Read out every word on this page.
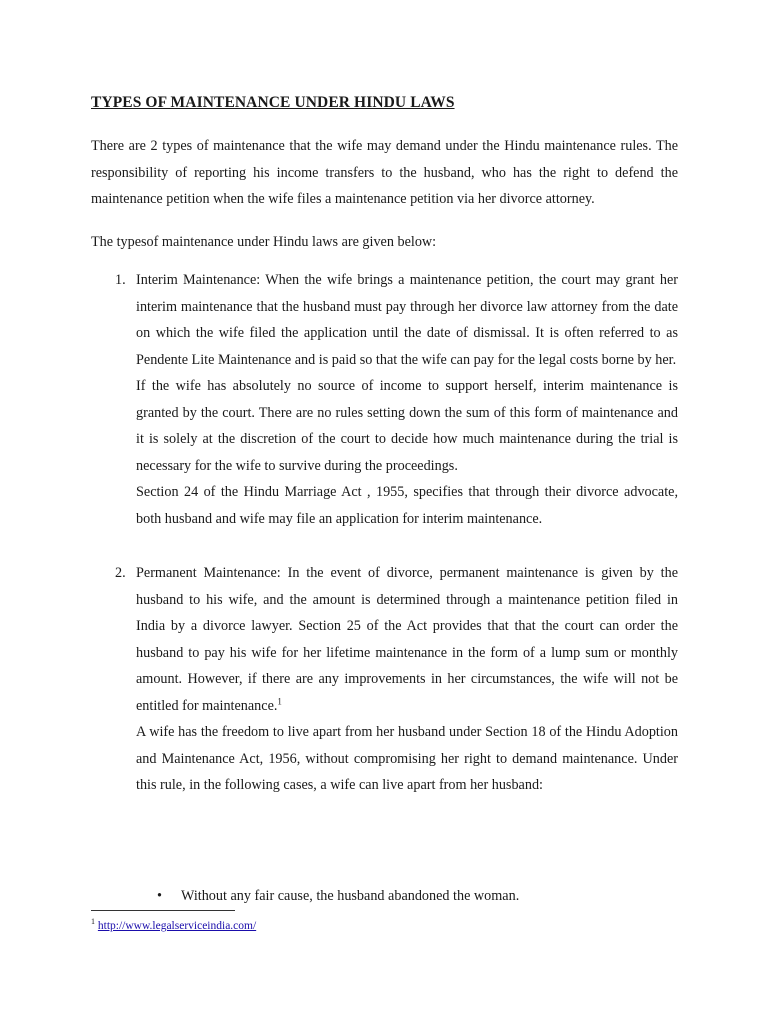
TYPES OF MAINTENANCE UNDER HINDU LAWS

There are 2 types of maintenance that the wife may demand under the Hindu maintenance rules. The responsibility of reporting his income transfers to the husband, who has the right to defend the maintenance petition when the wife files a maintenance petition via her divorce attorney.

The typesof maintenance under Hindu laws are given below:

1. Interim Maintenance: When the wife brings a maintenance petition, the court may grant her interim maintenance that the husband must pay through her divorce law attorney from the date on which the wife filed the application until the date of dismissal. It is often referred to as Pendente Lite Maintenance and is paid so that the wife can pay for the legal costs borne by her.

If the wife has absolutely no source of income to support herself, interim maintenance is granted by the court. There are no rules setting down the sum of this form of maintenance and it is solely at the discretion of the court to decide how much maintenance during the trial is necessary for the wife to survive during the proceedings.

Section 24 of the Hindu Marriage Act , 1955, specifies that through their divorce advocate, both husband and wife may file an application for interim maintenance.

2. Permanent Maintenance: In the event of divorce, permanent maintenance is given by the husband to his wife, and the amount is determined through a maintenance petition filed in India by a divorce lawyer. Section 25 of the Act provides that that the court can order the husband to pay his wife for her lifetime maintenance in the form of a lump sum or monthly amount. However, if there are any improvements in her circumstances, the wife will not be entitled for maintenance.$^1$

A wife has the freedom to live apart from her husband under Section 18 of the Hindu Adoption and Maintenance Act, 1956, without compromising her right to demand maintenance. Under this rule, in the following cases, a wife can live apart from her husband:

• Without any fair cause, the husband abandoned the woman.
$^1$ http://www.legalserviceindia.com/
